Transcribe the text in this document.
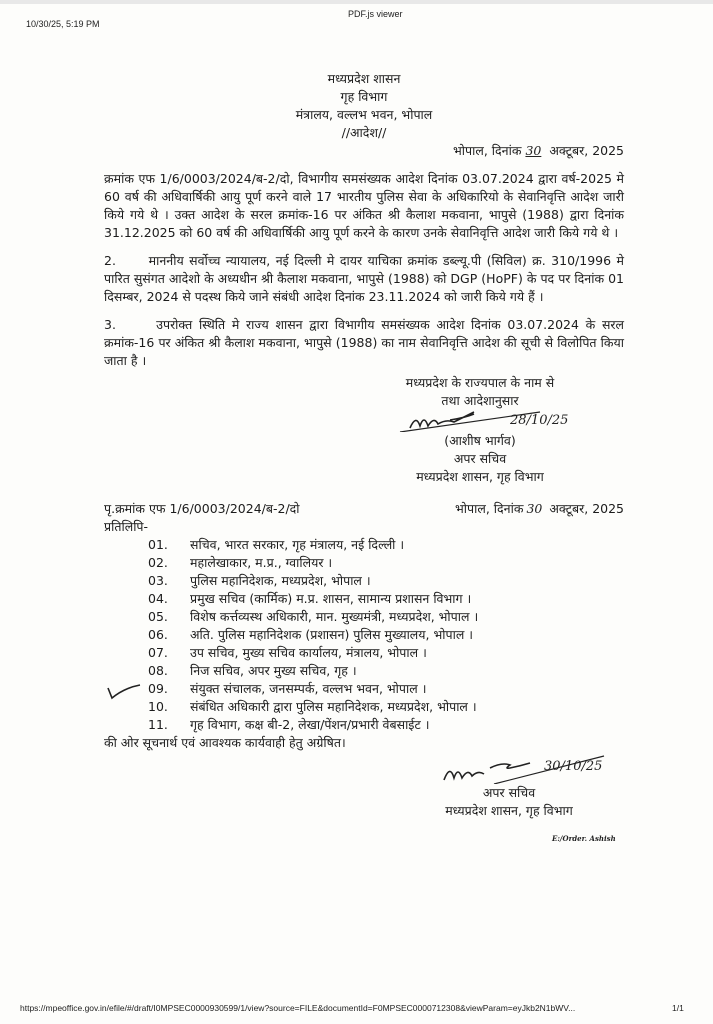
10/30/25, 5:19 PM
PDF.js viewer
मध्यप्रदेश शासन
गृह विभाग
मंत्रालय, वल्लभ भवन, भोपाल
//आदेश//
भोपाल, दिनांक 30 अक्टूबर, 2025
क्रमांक एफ 1/6/0003/2024/ब-2/दो, विभागीय समसंख्यक आदेश दिनांक 03.07.2024 द्वारा वर्ष-2025 मे 60 वर्ष की अधिवार्षिकी आयु पूर्ण करने वाले 17 भारतीय पुलिस सेवा के अधिकारियो के सेवानिवृत्ति आदेश जारी किये गये थे । उक्त आदेश के सरल क्रमांक-16 पर अंकित श्री कैलाश मकवाना, भापुसे (1988) द्वारा दिनांक 31.12.2025 को 60 वर्ष की अधिवार्षिकी आयु पूर्ण करने के कारण उनके सेवानिवृत्ति आदेश जारी किये गये थे ।
2.      माननीय सर्वोच्च न्यायालय, नई दिल्ली मे दायर याचिका क्रमांक डब्ल्यू.पी (सिविल) क्र. 310/1996 मे पारित सुसंगत आदेशो के अध्यधीन श्री कैलाश मकवाना, भापुसे (1988) को DGP (HoPF) के पद पर दिनांक 01 दिसम्बर, 2024 से पदस्थ किये जाने संबंधी आदेश दिनांक 23.11.2024 को जारी किये गये हैं ।
3.      उपरोक्त स्थिति मे राज्य शासन द्वारा विभागीय समसंख्यक आदेश दिनांक 03.07.2024 के सरल क्रमांक-16 पर अंकित श्री कैलाश मकवाना, भापुसे (1988) का नाम सेवानिवृत्ति आदेश की सूची से विलोपित किया जाता है ।
मध्यप्रदेश के राज्यपाल के नाम से
तथा आदेशानुसार
28/10/25
(आशीष भार्गव)
अपर सचिव
मध्यप्रदेश शासन, गृह विभाग
पृ.क्रमांक एफ 1/6/0003/2024/ब-2/दो	भोपाल, दिनांक 30 अक्टूबर, 2025
प्रतिलिपि-
01.	सचिव, भारत सरकार, गृह मंत्रालय, नई दिल्ली ।
02.	महालेखाकार, म.प्र., ग्वालियर ।
03.	पुलिस महानिदेशक, मध्यप्रदेश, भोपाल ।
04.	प्रमुख सचिव (कार्मिक) म.प्र. शासन, सामान्य प्रशासन विभाग ।
05.	विशेष कर्त्तव्यस्थ अधिकारी, मान. मुख्यमंत्री, मध्यप्रदेश, भोपाल ।
06.	अति. पुलिस महानिदेशक (प्रशासन) पुलिस मुख्यालय, भोपाल ।
07.	उप सचिव, मुख्य सचिव कार्यालय, मंत्रालय, भोपाल ।
08.	निज सचिव, अपर मुख्य सचिव, गृह ।
09.	संयुक्त संचालक, जनसम्पर्क, वल्लभ भवन, भोपाल ।
10.	संबंधित अधिकारी द्वारा पुलिस महानिदेशक, मध्यप्रदेश, भोपाल ।
11.	गृह विभाग, कक्ष बी-2, लेखा/पेंशन/प्रभारी वेबसाईट ।
की ओर सूचनार्थ एवं आवश्यक कार्यवाही हेतु अग्रेषित।
30/10/25
अपर सचिव
मध्यप्रदेश शासन, गृह विभाग
E:/Order. Ashish
https://mpeoffice.gov.in/efile/#/draft/I0MPSEC0000930599/1/view?source=FILE&documentId=F0MPSEC0000712308&viewParam=eyJkb2N1bWV...	1/1
